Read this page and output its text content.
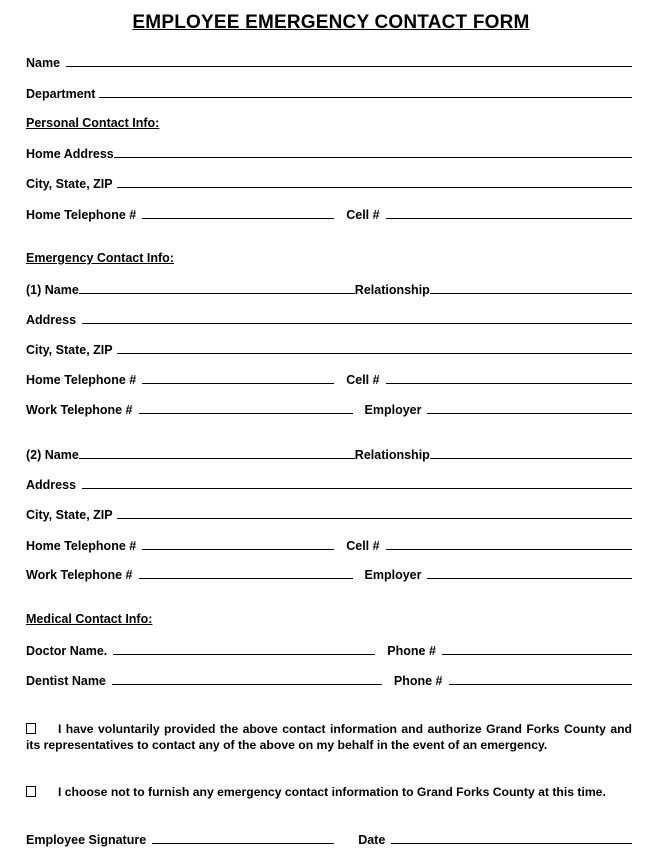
EMPLOYEE EMERGENCY CONTACT FORM
Name
Department
Personal Contact Info:
Home Address
City, State, ZIP
Home Telephone #	Cell #
Emergency Contact Info:
(1) Name	Relationship
Address
City, State, ZIP
Home Telephone #	Cell #
Work Telephone #	Employer
(2) Name	Relationship
Address
City, State, ZIP
Home Telephone #	Cell #
Work Telephone #	Employer
Medical Contact Info:
Doctor Name.	Phone #
Dentist Name	Phone #
I have voluntarily provided the above contact information and authorize Grand Forks County and its representatives to contact any of the above on my behalf in the event of an emergency.
I choose not to furnish any emergency contact information to Grand Forks County at this time.
Employee Signature	Date
